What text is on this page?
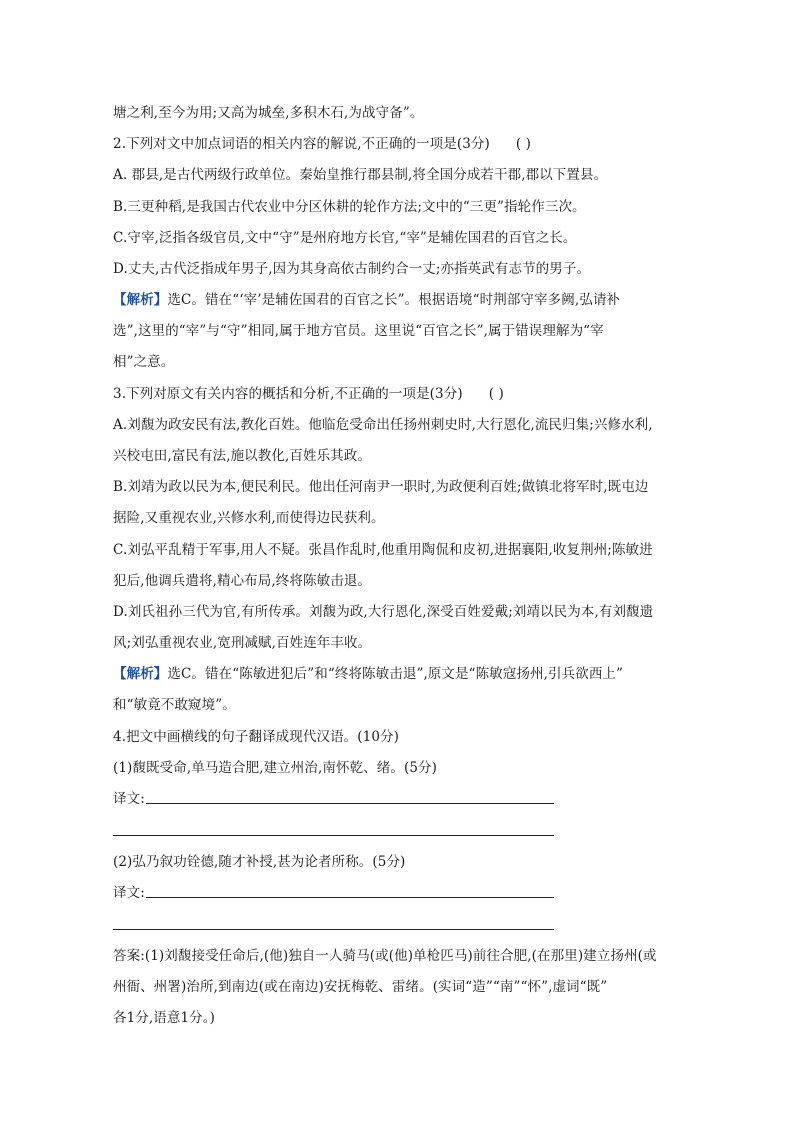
塘之利,至今为用;又高为城垒,多积木石,为战守备”。
2.下列对文中加点词语的相关内容的解说,不正确的一项是(3分) ( )
A. 郡县,是古代两级行政单位。秦始皇推行郡县制,将全国分成若干郡,郡以下置县。
B.三更种稻,是我国古代农业中分区休耕的轮作方法;文中的“三更”指轮作三次。
C.守宰,泛指各级官员,文中“守”是州府地方长官,“宰”是辅佐国君的百官之长。
D.丈夫,古代泛指成年男子,因为其身高依古制约合一丈;亦指英武有志节的男子。
【解析】选C。错在“‘宰’是辅佐国君的百官之长”。根据语境“时荆部守宰多阙,弘请补
选”,这里的“宰”与“守”相同,属于地方官员。这里说“百官之长”,属于错误理解为“宰
相”之意。
3.下列对原文有关内容的概括和分析,不正确的一项是(3分) ( )
A.刘馥为政安民有法,教化百姓。他临危受命出任扬州刺史时,大行恩化,流民归集;兴修水利,
兴校屯田,富民有法,施以教化,百姓乐其政。
B.刘靖为政以民为本,便民利民。他出任河南尹一职时,为政便利百姓;做镇北将军时,既屯边
据险,又重视农业,兴修水利,而使得边民获利。
C.刘弘平乱精于军事,用人不疑。张昌作乱时,他重用陶侃和皮初,进据襄阳,收复荆州;陈敏进
犯后,他调兵遣将,精心布局,终将陈敏击退。
D.刘氏祖孙三代为官,有所传承。刘馥为政,大行恩化,深受百姓爱戴;刘靖以民为本,有刘馥遗
风;刘弘重视农业,宽刑减赋,百姓连年丰收。
【解析】选C。错在“陈敏进犯后”和“终将陈敏击退”,原文是“陈敏寇扬州,引兵欲西上”
和“敏竟不敢窥境”。
4.把文中画横线的句子翻译成现代汉语。(10分)
(1)馥既受命,单马造合肥,建立州治,南怀乾、绪。(5分)
译文:
(2)弘乃叙功铨德,随才补授,甚为论者所称。(5分)
译文:
答案:(1)刘馥接受任命后,(他)独自一人骑马(或(他)单枪匹马)前往合肥,(在那里)建立扬州(或
州衙、州署)治所,到南边(或在南边)安抚梅乾、雷绪。(实词“造”“南”“怀”,虚词“既”
各1分,语意1分。)
